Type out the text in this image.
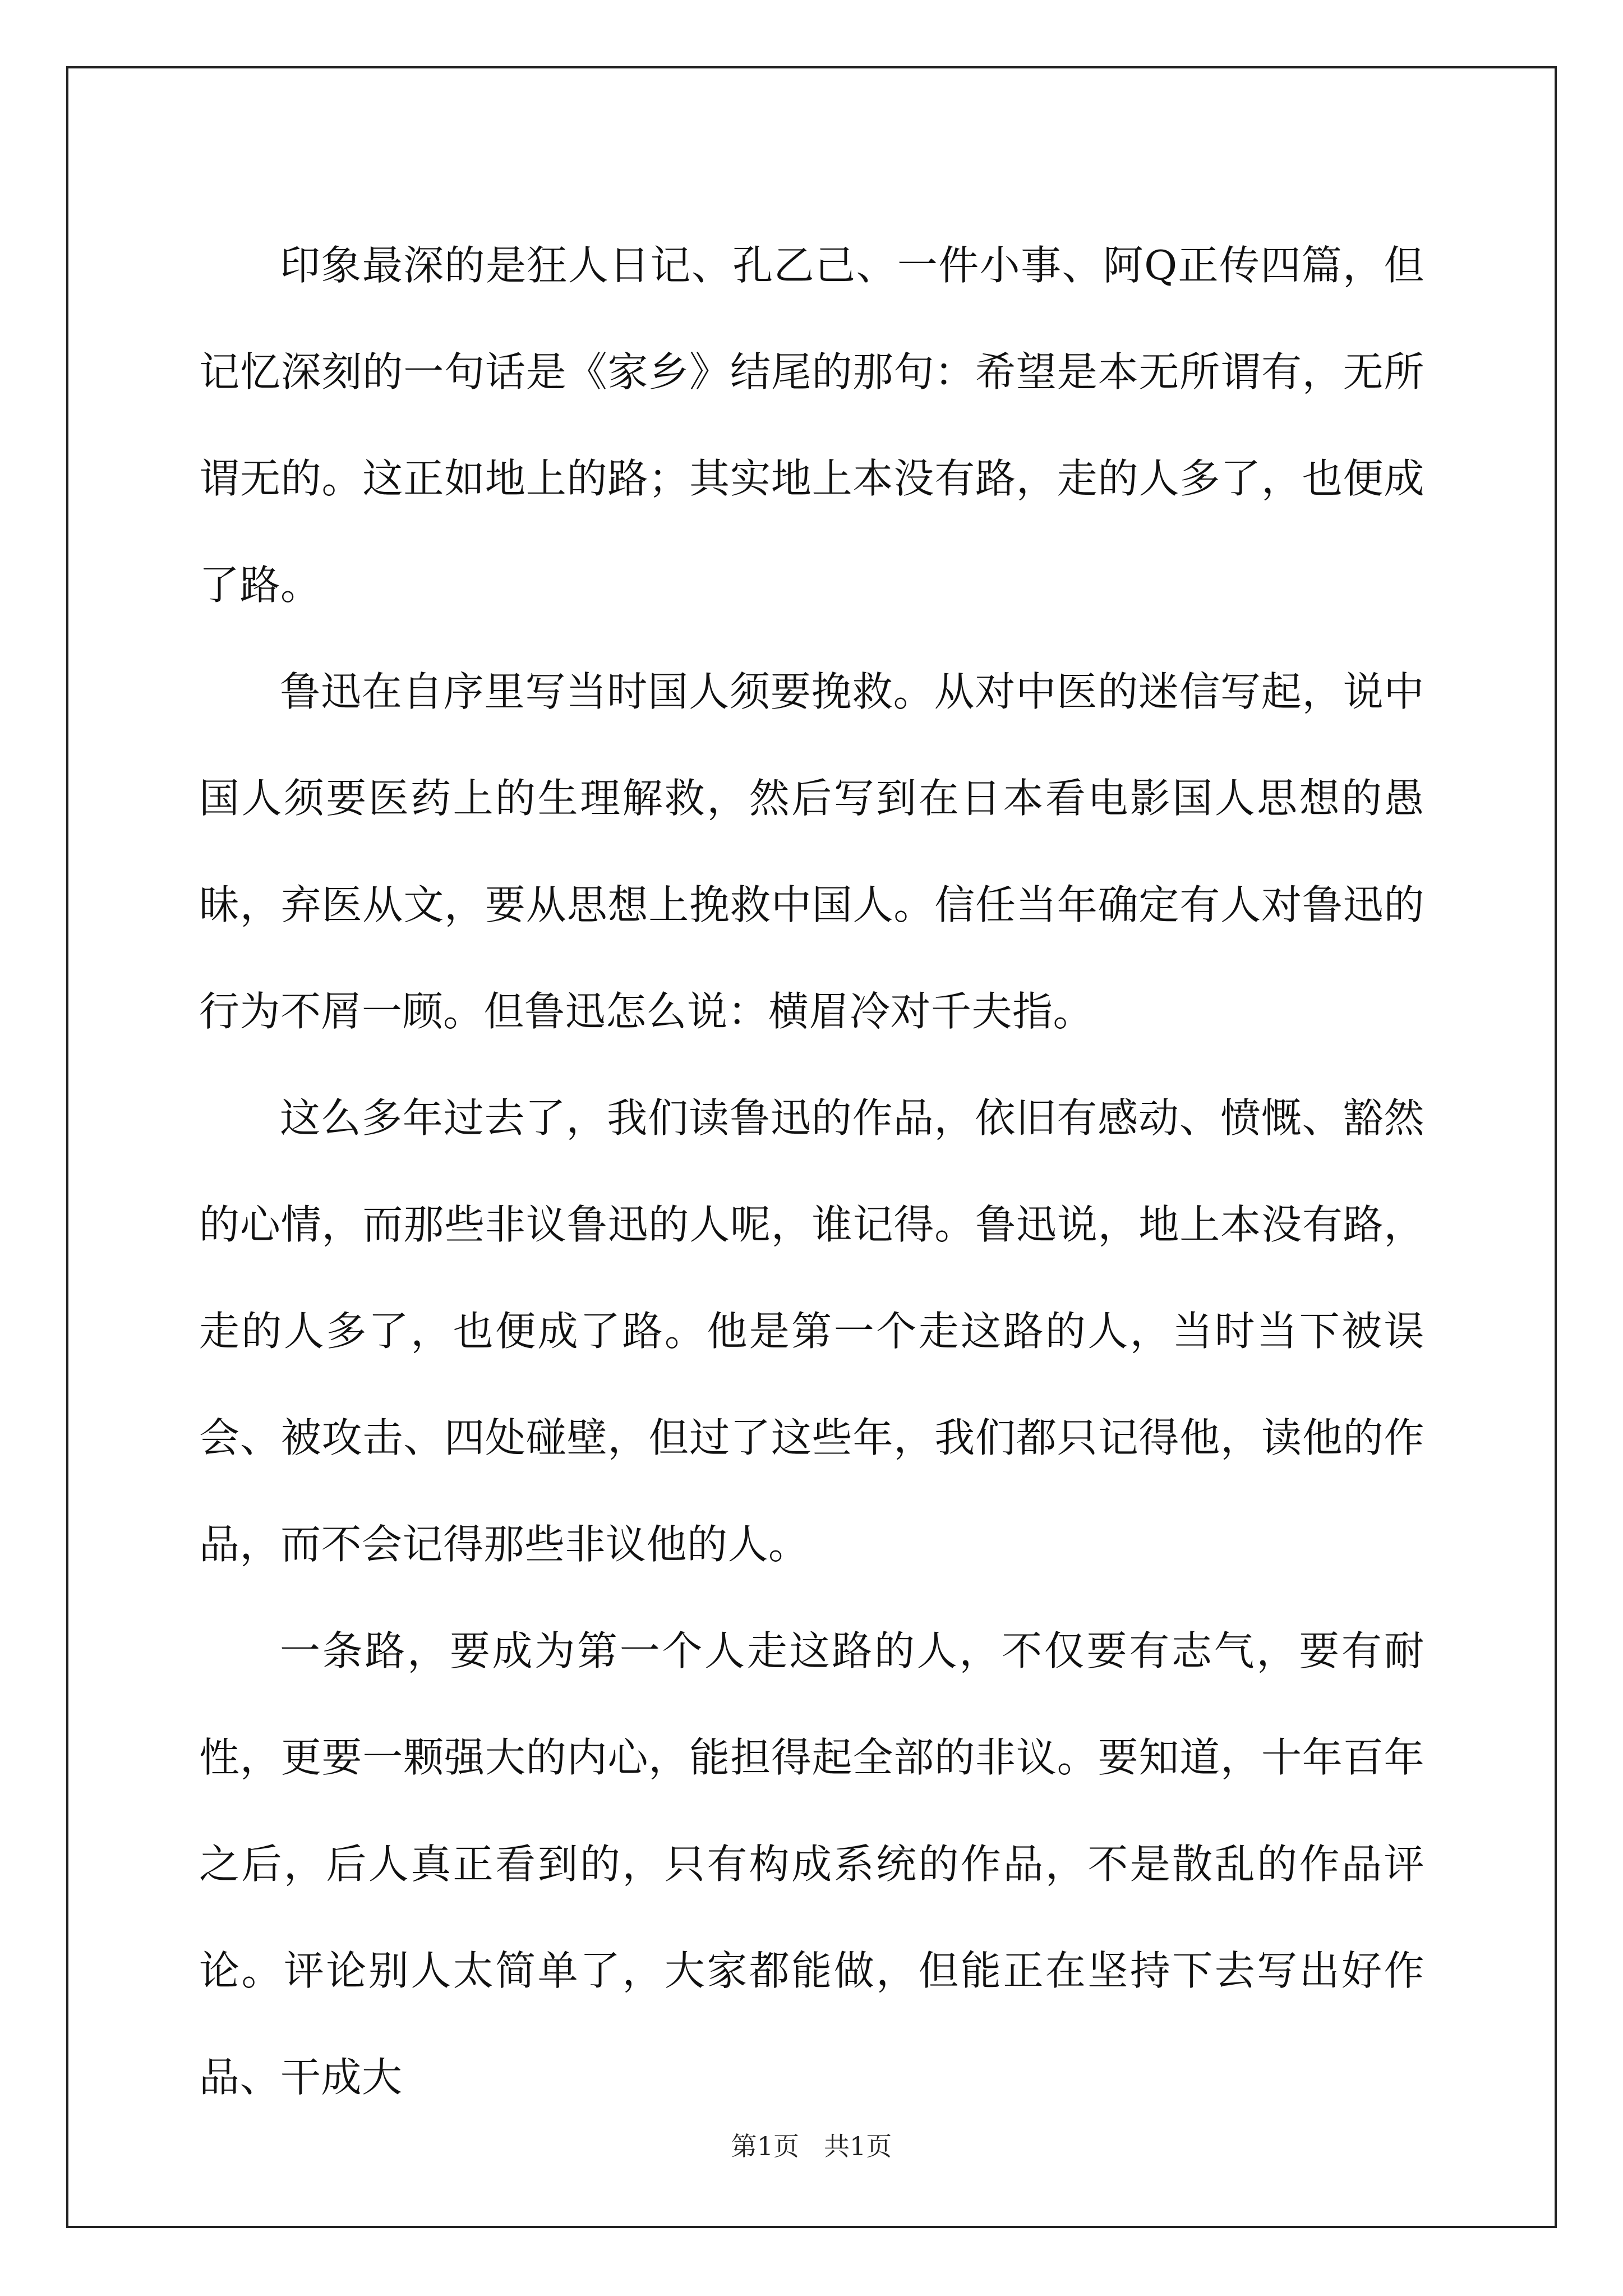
印象最深的是狂人日记、孔乙己、一件小事、阿Q正传四篇，但记忆深刻的一句话是《家乡》结尾的那句：希望是本无所谓有，无所谓无的。这正如地上的路；其实地上本没有路，走的人多了，也便成了路。

鲁迅在自序里写当时国人须要挽救。从对中医的迷信写起，说中国人须要医药上的生理解救，然后写到在日本看电影国人思想的愚昧，弃医从文，要从思想上挽救中国人。信任当年确定有人对鲁迅的行为不屑一顾。但鲁迅怎么说：横眉冷对千夫指。

这么多年过去了，我们读鲁迅的作品，依旧有感动、愤慨、豁然的心情，而那些非议鲁迅的人呢，谁记得。鲁迅说，地上本没有路，走的人多了，也便成了路。他是第一个走这路的人，当时当下被误会、被攻击、四处碰壁，但过了这些年，我们都只记得他，读他的作品，而不会记得那些非议他的人。

一条路，要成为第一个人走这路的人，不仅要有志气，要有耐性，更要一颗强大的内心，能担得起全部的非议。要知道，十年百年之后，后人真正看到的，只有构成系统的作品，不是散乱的作品评论。评论别人太简单了，大家都能做，但能正在坚持下去写出好作品、干成大

第1页 共1页
